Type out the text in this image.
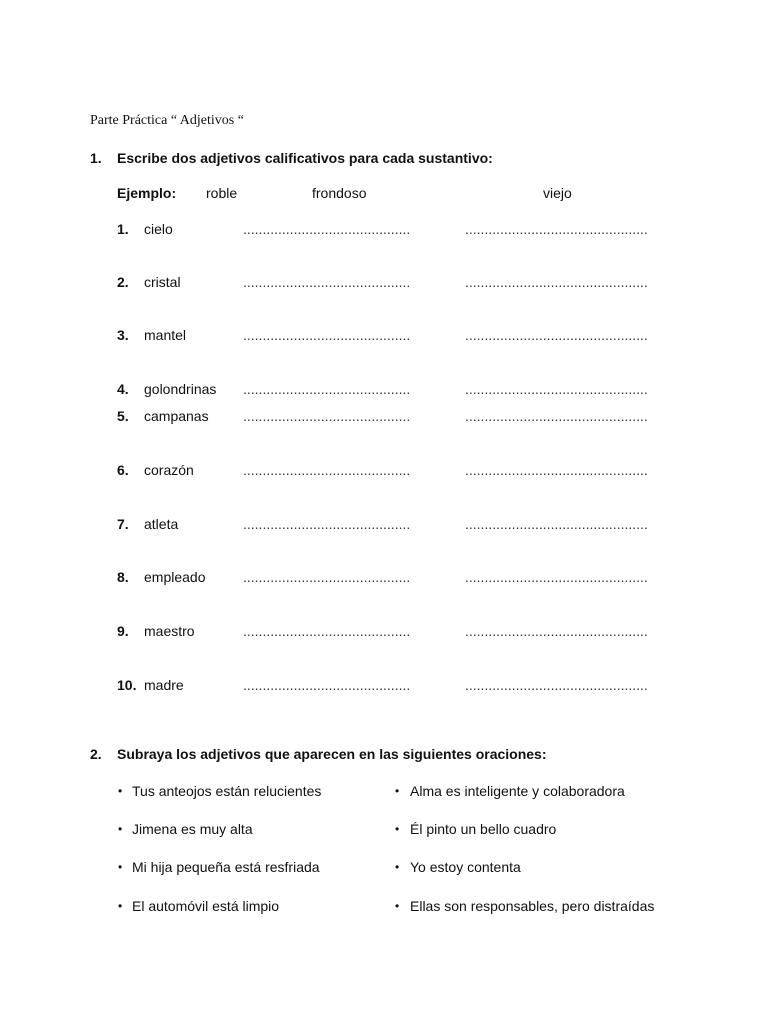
Parte Práctica “ Adjetivos “
1. Escribe dos adjetivos calificativos para cada sustantivo:
Ejemplo: roble	frondoso	viejo
1. cielo	...........................................	...............................................
2. cristal	...........................................	...............................................
3. mantel	...........................................	...............................................
4. golondrinas ...........................................	...............................................
5. campanas ...........................................	...............................................
6. corazón	...........................................	...............................................
7. atleta	...........................................	...............................................
8. empleado	...........................................	...............................................
9. maestro	...........................................	...............................................
10. madre	...........................................	...............................................
2. Subraya los adjetivos que aparecen en las siguientes oraciones:
• Tus anteojos están relucientes
• Jimena es muy alta
• Mi hija pequeña está resfriada
• El automóvil está limpio
• Alma es inteligente y colaboradora
• Él pinto un bello cuadro
• Yo estoy contenta
• Ellas son responsables, pero distraídas
